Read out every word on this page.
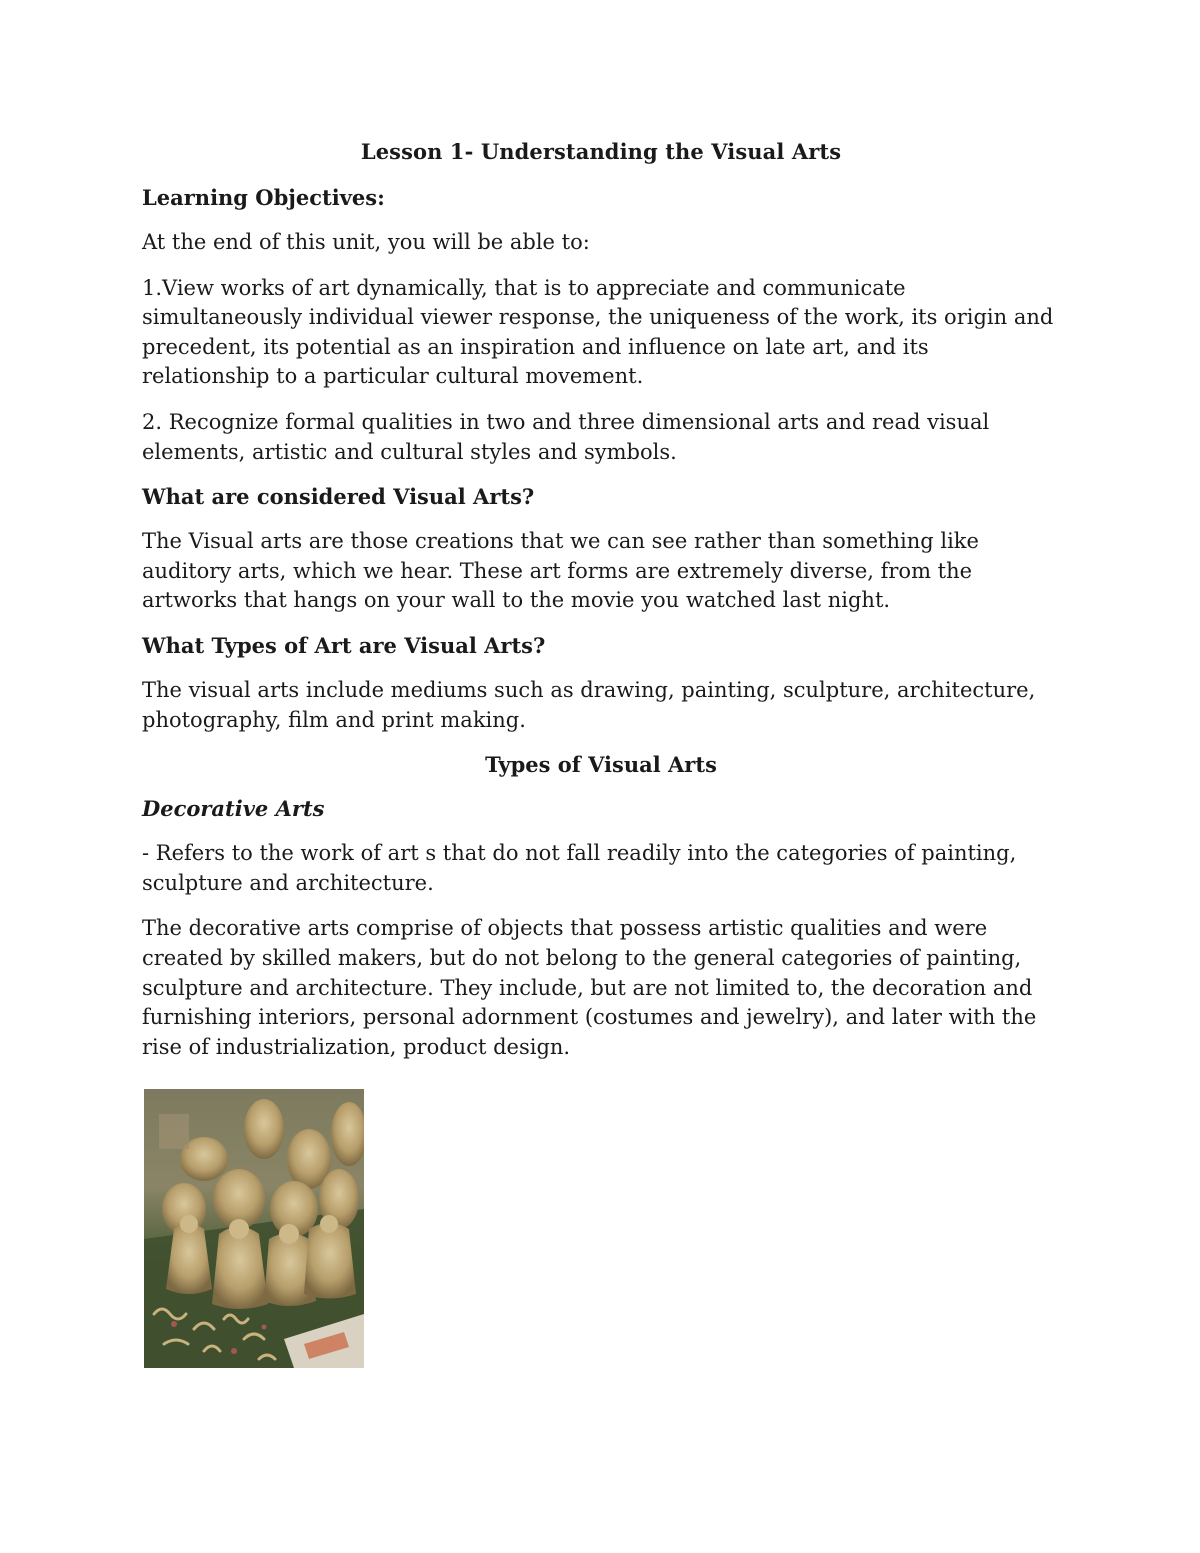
Lesson 1- Understanding the Visual Arts
Learning Objectives:

At the end of this unit, you will be able to:

1.View works of art dynamically, that is to appreciate and communicate simultaneously individual viewer response, the uniqueness of the work, its origin and precedent, its potential as an inspiration and influence on late art, and its relationship to a particular cultural movement.

2. Recognize formal qualities in two and three dimensional arts and read visual elements, artistic and cultural styles and symbols.

What are considered Visual Arts?

The Visual arts are those creations that we can see rather than something like auditory arts, which we hear. These art forms are extremely diverse, from the artworks that hangs on your wall to the movie you watched last night.

What Types of Art are Visual Arts?

The visual arts include mediums such as drawing, painting, sculpture, architecture, photography, film and print making.

Types of Visual Arts
Decorative Arts

- Refers to the work of art s that do not fall readily into the categories of painting, sculpture and architecture.

The decorative arts comprise of objects that possess artistic qualities and were created by skilled makers, but do not belong to the general categories of painting, sculpture and architecture. They include, but are not limited to, the decoration and furnishing interiors, personal adornment (costumes and jewelry), and later with the rise of industrialization, product design.
